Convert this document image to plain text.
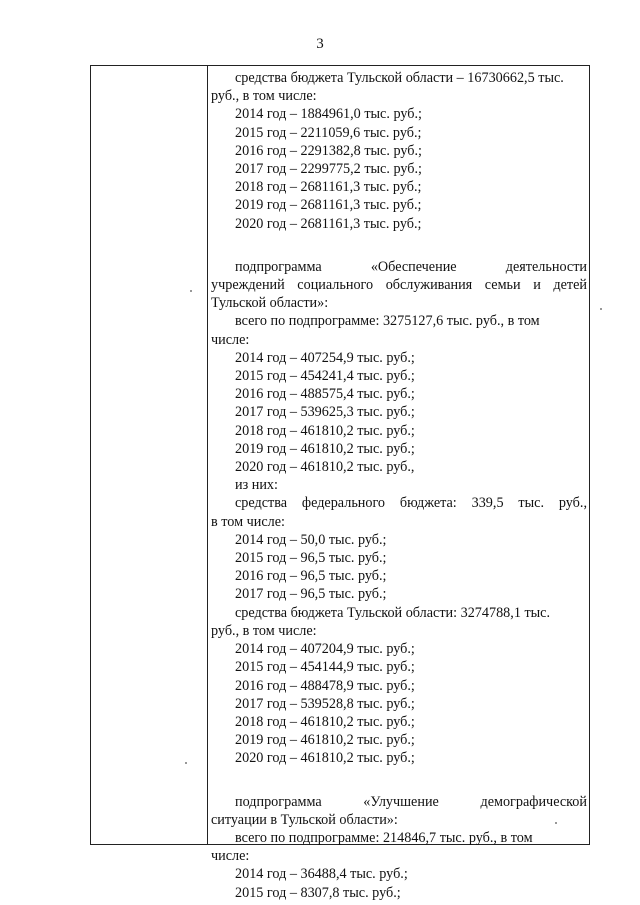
3
средства бюджета Тульской области – 16730662,5 тыс.
руб., в том числе:
2014 год – 1884961,0 тыс. руб.;
2015 год – 2211059,6 тыс. руб.;
2016 год – 2291382,8 тыс. руб.;
2017 год – 2299775,2 тыс. руб.;
2018 год – 2681161,3 тыс. руб.;
2019 год – 2681161,3 тыс. руб.;
2020 год – 2681161,3 тыс. руб.;
подпрограмма «Обеспечение деятельности
учреждений социального обслуживания семьи и детей
Тульской области»:
всего по подпрограмме: 3275127,6 тыс. руб., в том
числе:
2014 год – 407254,9 тыс. руб.;
2015 год – 454241,4 тыс. руб.;
2016 год – 488575,4 тыс. руб.;
2017 год – 539625,3 тыс. руб.;
2018 год – 461810,2 тыс. руб.;
2019 год – 461810,2 тыс. руб.;
2020 год – 461810,2 тыс. руб.,
из них:
средства федерального бюджета: 339,5 тыс. руб.,
в том числе:
2014 год – 50,0 тыс. руб.;
2015 год – 96,5 тыс. руб.;
2016 год – 96,5 тыс. руб.;
2017 год – 96,5 тыс. руб.;
средства бюджета Тульской области: 3274788,1 тыс.
руб., в том числе:
2014 год – 407204,9 тыс. руб.;
2015 год – 454144,9 тыс. руб.;
2016 год – 488478,9 тыс. руб.;
2017 год – 539528,8 тыс. руб.;
2018 год – 461810,2 тыс. руб.;
2019 год – 461810,2 тыс. руб.;
2020 год – 461810,2 тыс. руб.;
подпрограмма «Улучшение демографической
ситуации в Тульской области»:
всего по подпрограмме: 214846,7 тыс. руб., в том
числе:
2014 год – 36488,4 тыс. руб.;
2015 год – 8307,8 тыс. руб.;
